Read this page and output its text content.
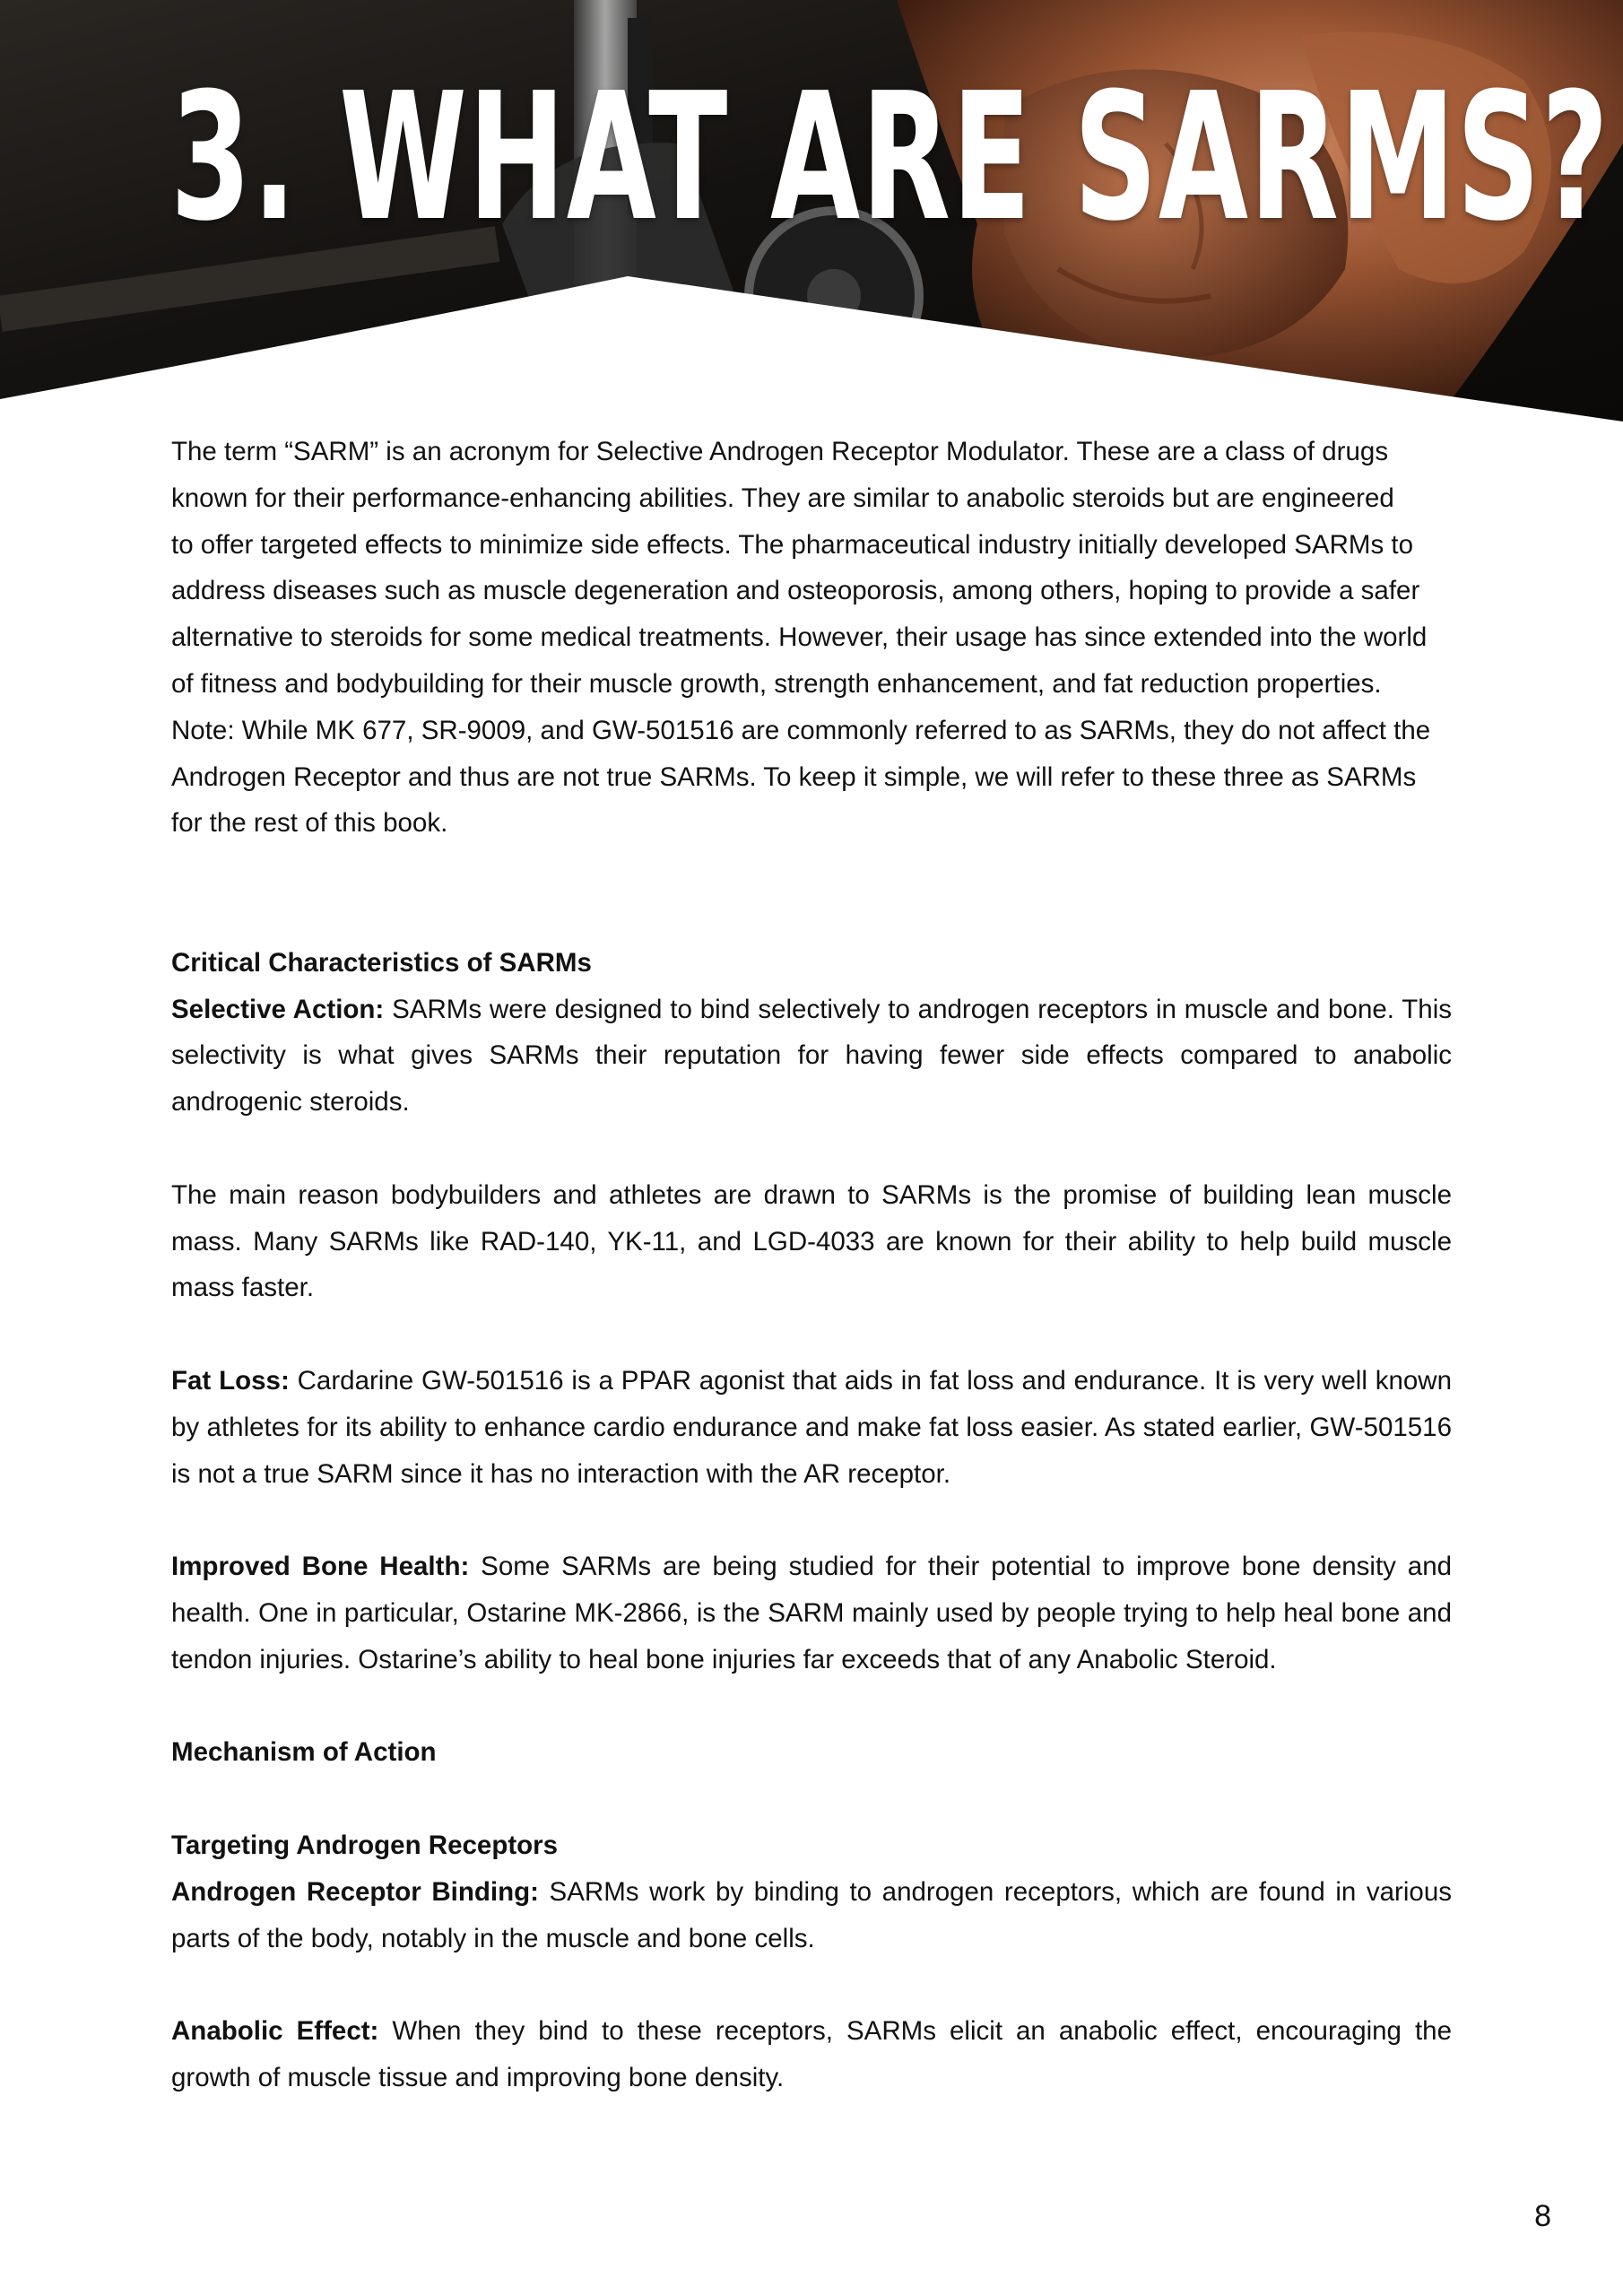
3. WHAT ARE SARMS?

The term “SARM” is an acronym for Selective Androgen Receptor Modulator. These are a class of drugs

known for their performance-enhancing abilities. They are similar to anabolic steroids but are engineered

to offer targeted effects to minimize side effects. The pharmaceutical industry initially developed SARMs to

address diseases such as muscle degeneration and osteoporosis, among others, hoping to provide a safer

alternative to steroids for some medical treatments. However, their usage has since extended into the world

of fitness and bodybuilding for their muscle growth, strength enhancement, and fat reduction properties.

Note: While MK 677, SR-9009, and GW-501516 are commonly referred to as SARMs, they do not affect the

Androgen Receptor and thus are not true SARMs. To keep it simple, we will refer to these three as SARMs

for the rest of this book.

Critical Characteristics of SARMs

Selective Action: SARMs were designed to bind selectively to androgen receptors in muscle and bone. This selectivity is what gives SARMs their reputation for having fewer side effects compared to anabolic androgenic steroids.

The main reason bodybuilders and athletes are drawn to SARMs is the promise of building lean muscle mass. Many SARMs like RAD-140, YK-11, and LGD-4033 are known for their ability to help build muscle mass faster.

Fat Loss: Cardarine GW-501516 is a PPAR agonist that aids in fat loss and endurance. It is very well known by athletes for its ability to enhance cardio endurance and make fat loss easier. As stated earlier, GW-501516 is not a true SARM since it has no interaction with the AR receptor.

Improved Bone Health: Some SARMs are being studied for their potential to improve bone density and health. One in particular, Ostarine MK-2866, is the SARM mainly used by people trying to help heal bone and tendon injuries. Ostarine’s ability to heal bone injuries far exceeds that of any Anabolic Steroid.

Mechanism of Action

Targeting Androgen Receptors

Androgen Receptor Binding: SARMs work by binding to androgen receptors, which are found in various parts of the body, notably in the muscle and bone cells.

Anabolic Effect: When they bind to these receptors, SARMs elicit an anabolic effect, encouraging the growth of muscle tissue and improving bone density.

8
